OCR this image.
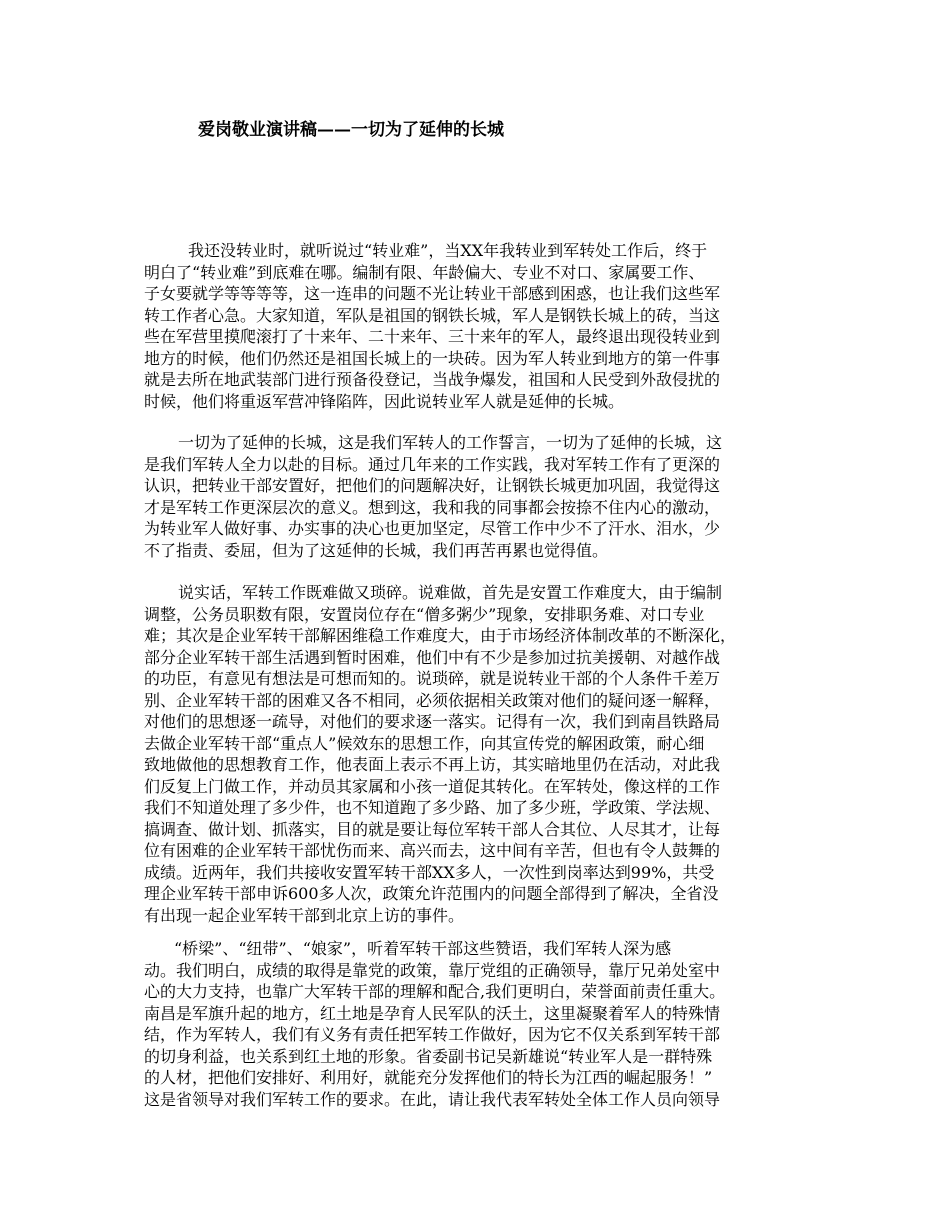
爱岗敬业演讲稿——一切为了延伸的长城
我还没转业时，就听说过“转业难”，当XX年我转业到军转处工作后，终于
明白了“转业难”到底难在哪。编制有限、年龄偏大、专业不对口、家属要工作、
子女要就学等等等等，这一连串的问题不光让转业干部感到困惑，也让我们这些军
转工作者心急。大家知道，军队是祖国的钢铁长城，军人是钢铁长城上的砖，当这
些在军营里摸爬滚打了十来年、二十来年、三十来年的军人，最终退出现役转业到
地方的时候，他们仍然还是祖国长城上的一块砖。因为军人转业到地方的第一件事
就是去所在地武装部门进行预备役登记，当战争爆发，祖国和人民受到外敌侵扰的
时候，他们将重返军营冲锋陷阵，因此说转业军人就是延伸的长城。
一切为了延伸的长城，这是我们军转人的工作誓言，一切为了延伸的长城，这
是我们军转人全力以赴的目标。通过几年来的工作实践，我对军转工作有了更深的
认识，把转业干部安置好，把他们的问题解决好，让钢铁长城更加巩固，我觉得这
才是军转工作更深层次的意义。想到这，我和我的同事都会按捺不住内心的激动，
为转业军人做好事、办实事的决心也更加坚定，尽管工作中少不了汗水、泪水，少
不了指责、委屈，但为了这延伸的长城，我们再苦再累也觉得值。
说实话，军转工作既难做又琐碎。说难做，首先是安置工作难度大，由于编制
调整，公务员职数有限，安置岗位存在“僧多粥少”现象，安排职务难、对口专业
难；其次是企业军转干部解困维稳工作难度大，由于市场经济体制改革的不断深化，
部分企业军转干部生活遇到暂时困难，他们中有不少是参加过抗美援朝、对越作战
的功臣，有意见有想法是可想而知的。说琐碎，就是说转业干部的个人条件千差万
别、企业军转干部的困难又各不相同，必须依据相关政策对他们的疑问逐一解释，
对他们的思想逐一疏导，对他们的要求逐一落实。记得有一次，我们到南昌铁路局
去做企业军转干部“重点人”候效东的思想工作，向其宣传党的解困政策，耐心细
致地做他的思想教育工作，他表面上表示不再上访，其实暗地里仍在活动，对此我
们反复上门做工作，并动员其家属和小孩一道促其转化。在军转处，像这样的工作
我们不知道处理了多少件，也不知道跑了多少路、加了多少班，学政策、学法规、
搞调查、做计划、抓落实，目的就是要让每位军转干部人合其位、人尽其才，让每
位有困难的企业军转干部忧伤而来、高兴而去，这中间有辛苦，但也有令人鼓舞的
成绩。近两年，我们共接收安置军转干部XX多人，一次性到岗率达到99%，共受
理企业军转干部申诉600多人次，政策允许范围内的问题全部得到了解决，全省没
有出现一起企业军转干部到北京上访的事件。
“桥梁”、“纽带”、“娘家”，听着军转干部这些赞语，我们军转人深为感
动。我们明白，成绩的取得是靠党的政策，靠厅党组的正确领导，靠厅兄弟处室中
心的大力支持，也靠广大军转干部的理解和配合,我们更明白，荣誉面前责任重大。
南昌是军旗升起的地方，红土地是孕育人民军队的沃土，这里凝聚着军人的特殊情
结，作为军转人，我们有义务有责任把军转工作做好，因为它不仅关系到军转干部
的切身利益，也关系到红土地的形象。省委副书记吴新雄说“转业军人是一群特殊
的人材，把他们安排好、利用好，就能充分发挥他们的特长为江西的崛起服务！”
这是省领导对我们军转工作的要求。在此，请让我代表军转处全体工作人员向领导
